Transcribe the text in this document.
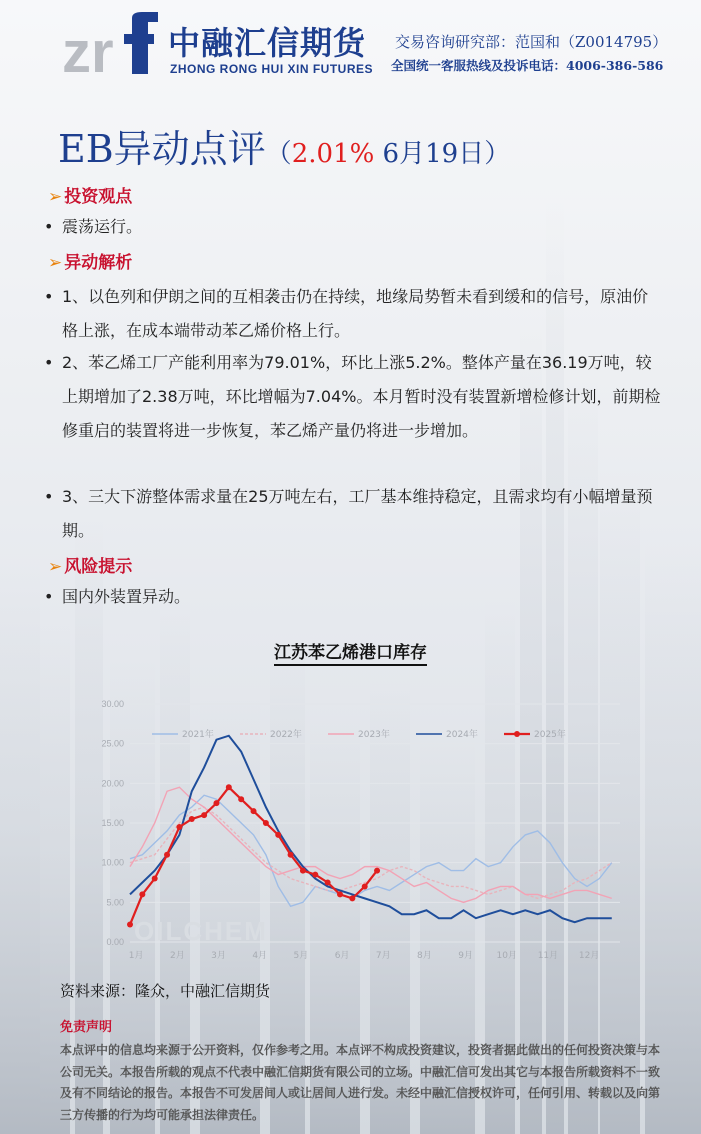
zr 中融汇信期货
ZHONG RONG HUI XIN FUTURES
交易咨询研究部：范国和（Z0014795）
全国统一客服热线及投诉电话：4006-386-586
EB异动点评（2.01% 6月19日）
➢ 投资观点
• 震荡运行。
➢ 异动解析
• 1、以色列和伊朗之间的互相袭击仍在持续，地缘局势暂未看到缓和的信号，原油价格上涨，在成本端带动苯乙烯价格上行。
• 2、苯乙烯工厂产能利用率为79.01%，环比上涨5.2%。整体产量在36.19万吨，较上期增加了2.38万吨，环比增幅为7.04%。本月暂时没有装置新增检修计划，前期检修重启的装置将进一步恢复，苯乙烯产量仍将进一步增加。
• 3、三大下游整体需求量在25万吨左右，工厂基本维持稳定，且需求均有小幅增量预期。
➢ 风险提示
• 国内外装置异动。
江苏苯乙烯港口库存
0.00
5.00
10.00
15.00
20.00
25.00
30.00
1月	2月	3月	4月	5月	6月	7月	8月	9月	10月 11月 12月
OILCHEM
2021年	2022年	2023年	2024年	2025年
资料来源：隆众，中融汇信期货
免责声明
本点评中的信息均来源于公开资料，仅作参考之用。本点评不构成投资建议，投资者据此做出的任何投资决策与本公司无关。本报告所载的观点不代表中融汇信期货有限公司的立场。中融汇信可发出其它与本报告所载资料不一致及有不同结论的报告。本报告不可发居间人或让居间人进行发。未经中融汇信授权许可，任何引用、转载以及向第三方传播的行为均可能承担法律责任。
